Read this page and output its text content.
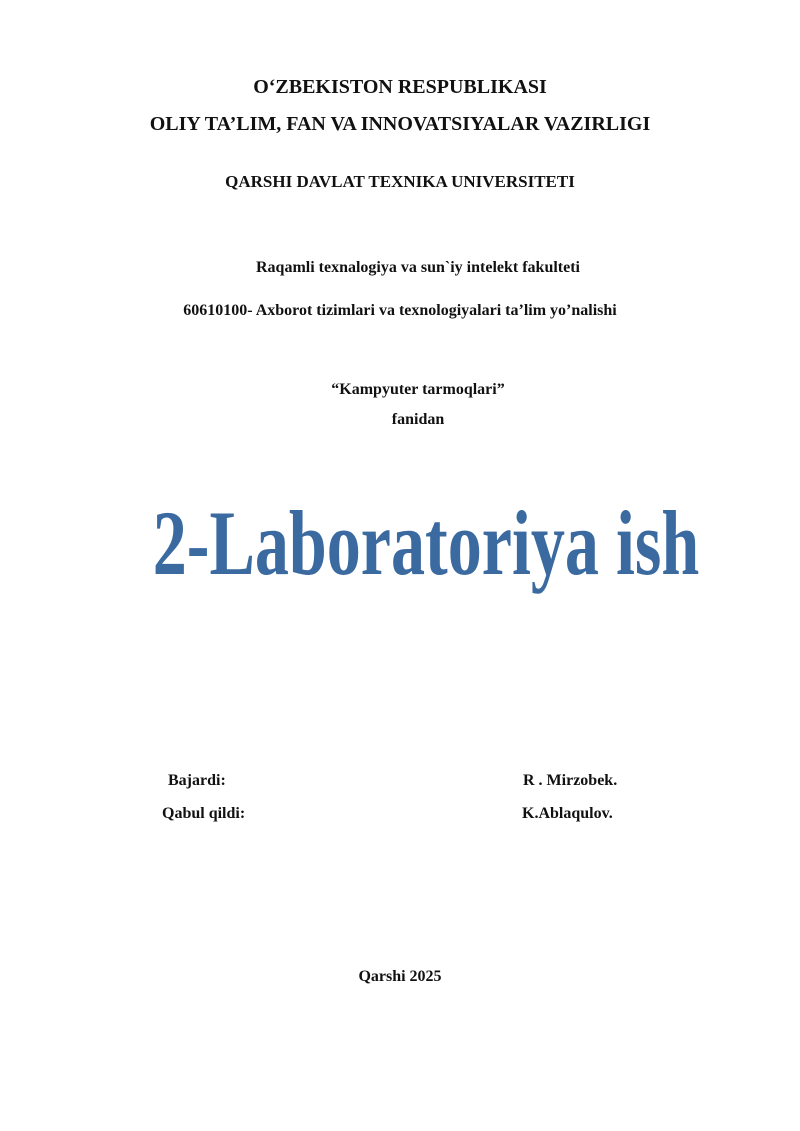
O‘ZBEKISTON RESPUBLIKASI
OLIY TA’LIM, FAN VA INNOVATSIYALAR VAZIRLIGI
QARSHI DAVLAT TEXNIKA UNIVERSITETI
Raqamli texnalogiya va sun`iy intelekt fakulteti
60610100- Axborot tizimlari va texnologiyalari ta’lim yo’nalishi
“Kampyuter tarmoqlari”
fanidan
2-Laboratoriya ish
Bajardi:	R . Mirzobek.
Qabul qildi:	K.Ablaqulov.
Qarshi 2025
